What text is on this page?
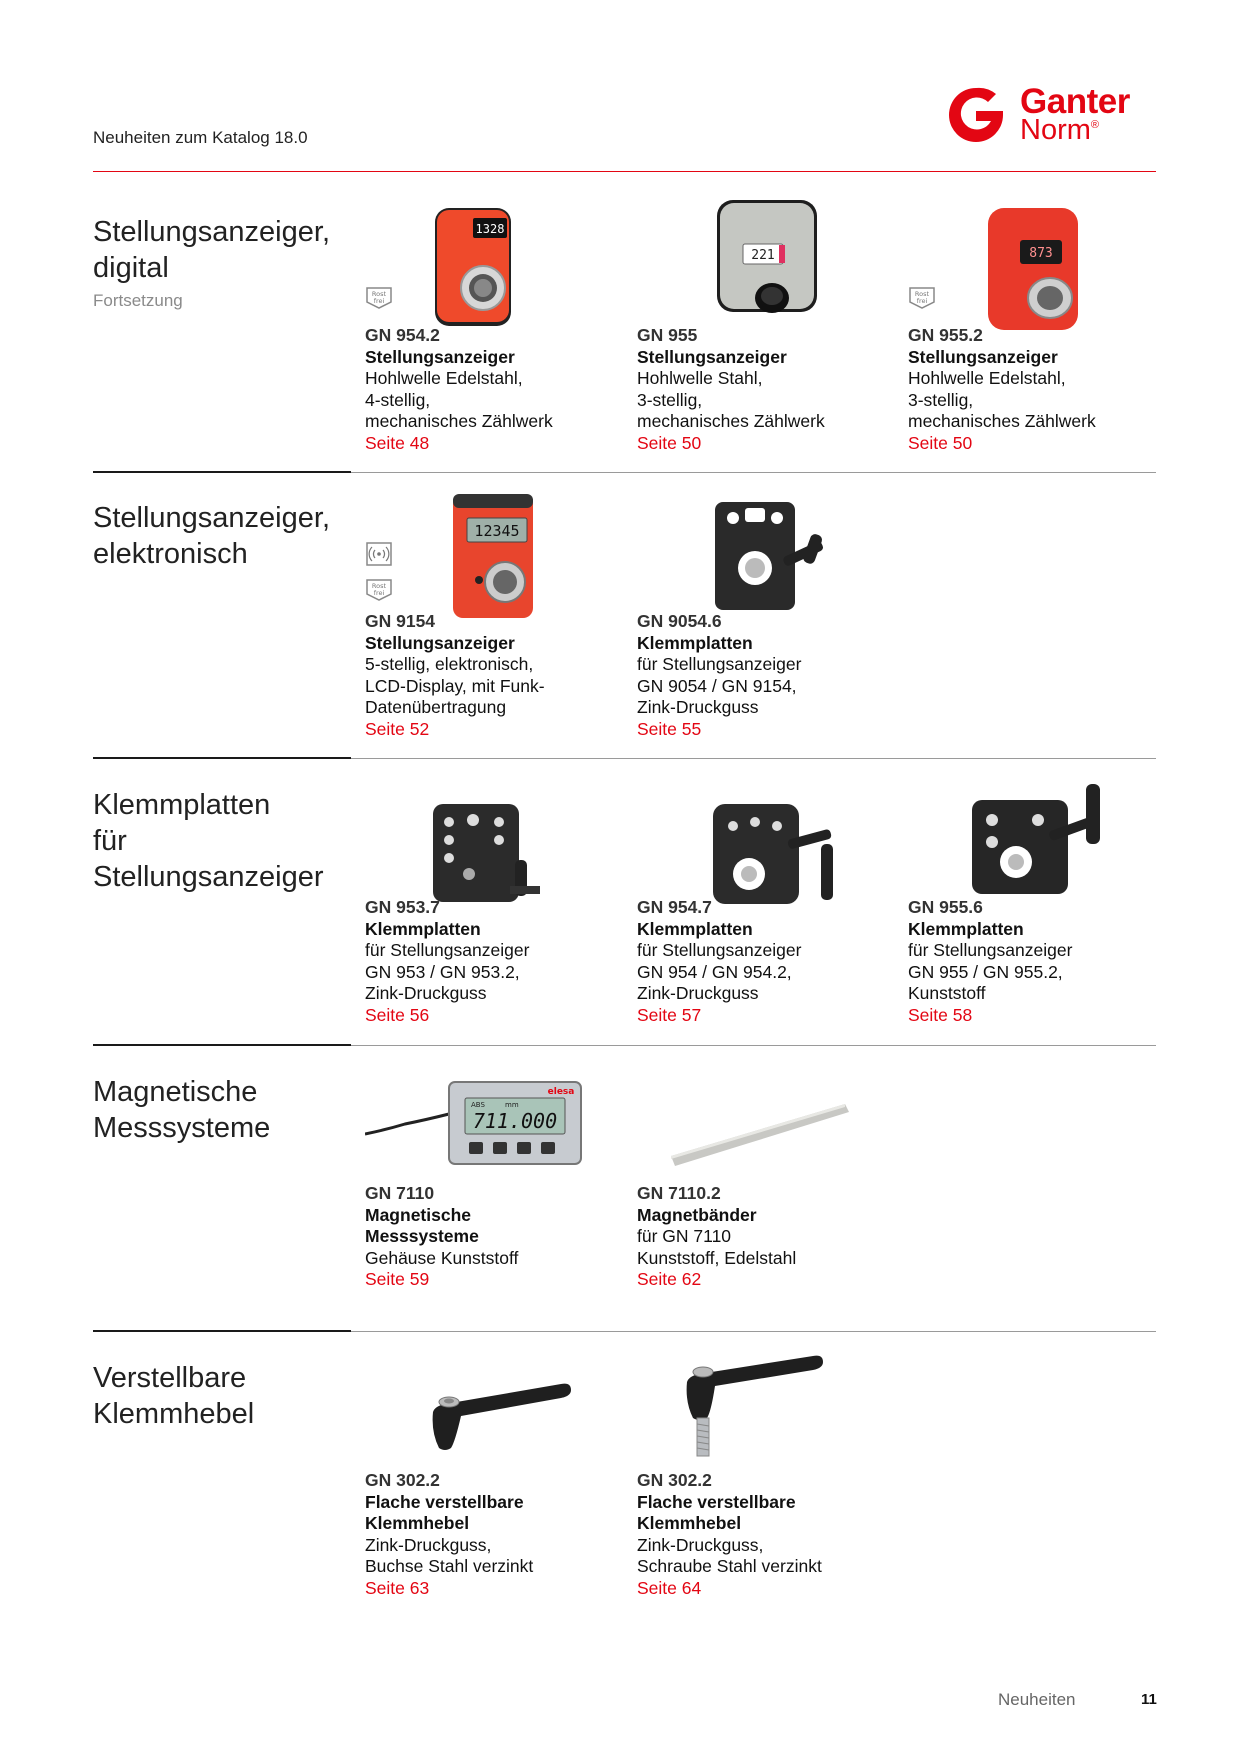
Neuheiten zum Katalog 18.0
Ganter
Norm®
Stellungsanzeiger,
digital
Fortsetzung	Rost
frei
Rost
frei
1328
GN 954.2
Stellungsanzeiger
Hohlwelle Edelstahl,
4-stellig,
mechanisches Zählwerk
Seite 48
221
GN 955
Stellungsanzeiger
Hohlwelle Stahl,
3-stellig,
mechanisches Zählwerk
Seite 50
873
GN 955.2
Stellungsanzeiger
Hohlwelle Edelstahl,
3-stellig,
mechanisches Zählwerk
Seite 50
Stellungsanzeiger,
elektronisch
Rost
frei
12345
GN 9154
Stellungsanzeiger
5-stellig, elektronisch,
LCD-Display, mit Funk-
Datenübertragung
Seite 52
GN 9054.6
Klemmplatten
für Stellungsanzeiger
GN 9054 / GN 9154,
Zink-Druckguss
Seite 55
Klemmplatten
für
Stellungsanzeiger
GN 953.7
Klemmplatten
für Stellungsanzeiger
GN 953 / GN 953.2,
Zink-Druckguss
Seite 56
GN 954.7
Klemmplatten
für Stellungsanzeiger
GN 954 / GN 954.2,
Zink-Druckguss
Seite 57
GN 955.6
Klemmplatten
für Stellungsanzeiger
GN 955 / GN 955.2,
Kunststoff
Seite 58
Magnetische
Messsysteme
elesa
ABS	mm
711.000
GN 7110
Magnetische
Messsysteme
Gehäuse Kunststoff
Seite 59
GN 7110.2
Magnetbänder
für GN 7110
Kunststoff, Edelstahl
Seite 62
Verstellbare
Klemmhebel
GN 302.2
Flache verstellbare
Klemmhebel
Zink-Druckguss,
Buchse Stahl verzinkt
Seite 63
GN 302.2
Flache verstellbare
Klemmhebel
Zink-Druckguss,
Schraube Stahl verzinkt
Seite 64
Neuheiten	11
